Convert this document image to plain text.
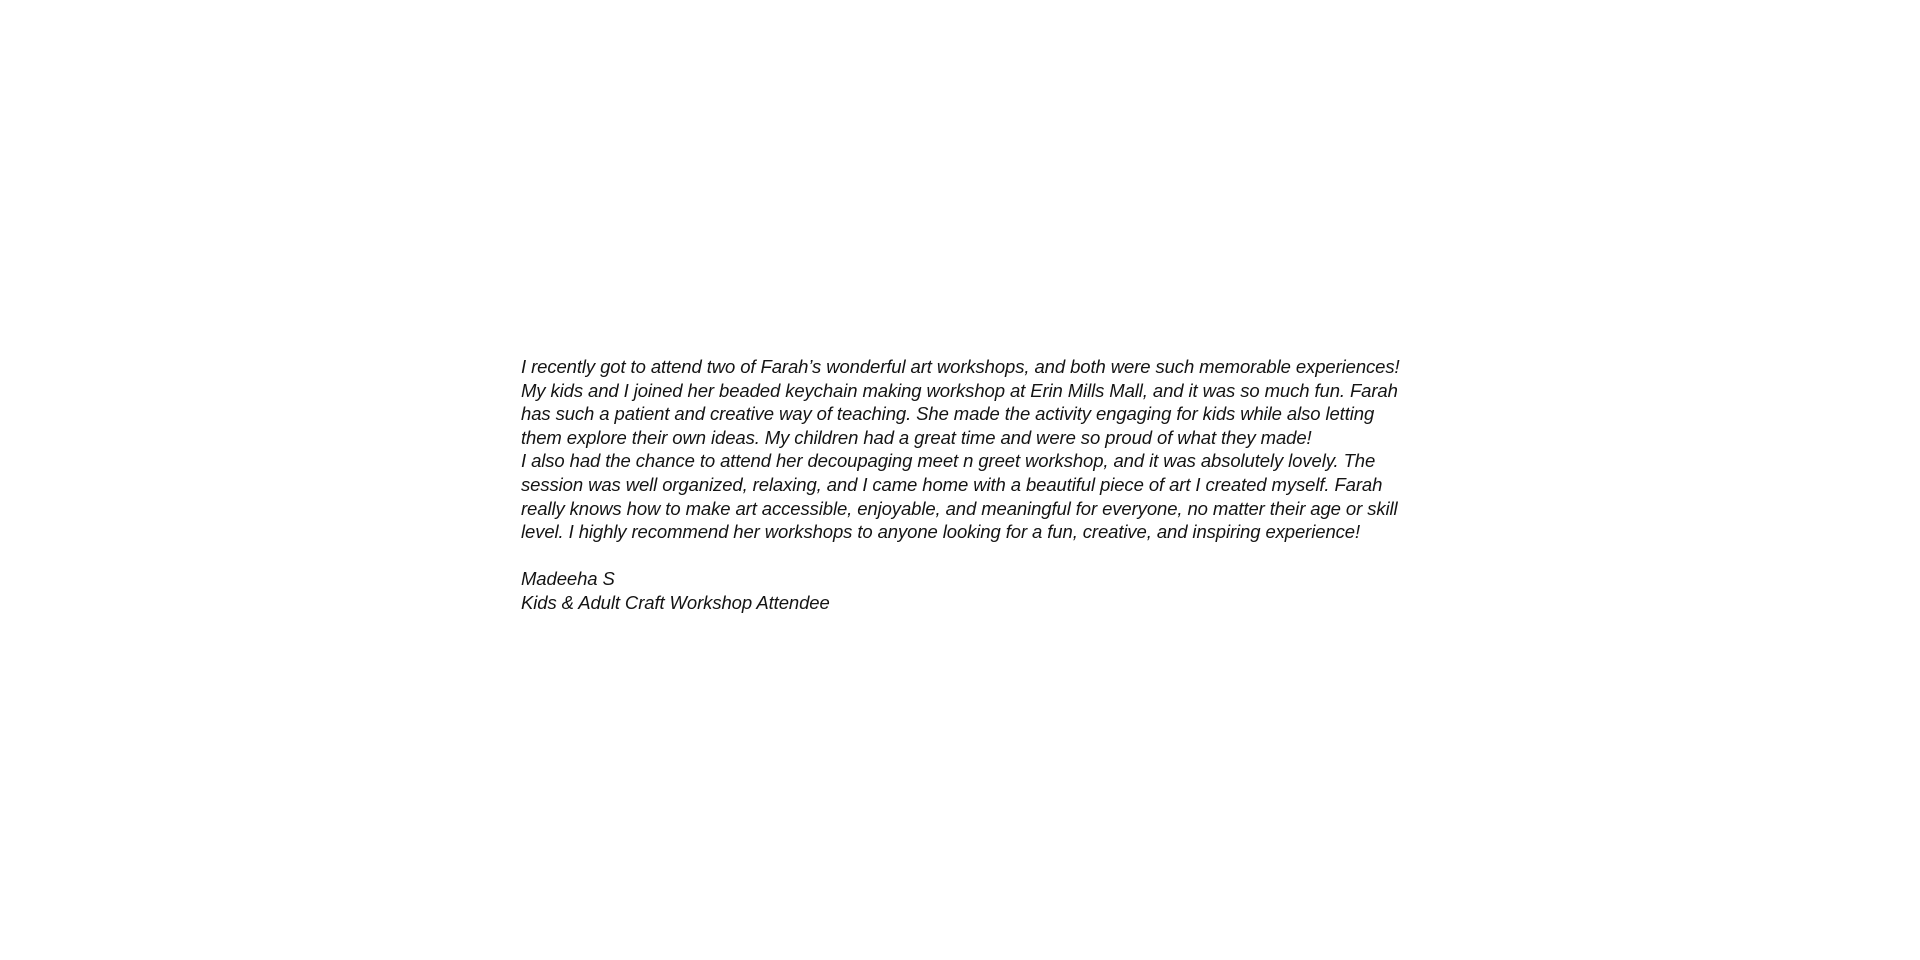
I recently got to attend two of Farah’s wonderful art workshops, and both were such memorable experiences!
My kids and I joined her beaded keychain making workshop at Erin Mills Mall, and it was so much fun. Farah
has such a patient and creative way of teaching. She made the activity engaging for kids while also letting
them explore their own ideas. My children had a great time and were so proud of what they made!
I also had the chance to attend her decoupaging meet n greet workshop, and it was absolutely lovely. The
session was well organized, relaxing, and I came home with a beautiful piece of art I created myself. Farah
really knows how to make art accessible, enjoyable, and meaningful for everyone, no matter their age or skill
level. I highly recommend her workshops to anyone looking for a fun, creative, and inspiring experience!
Madeeha S
Kids & Adult Craft Workshop Attendee
